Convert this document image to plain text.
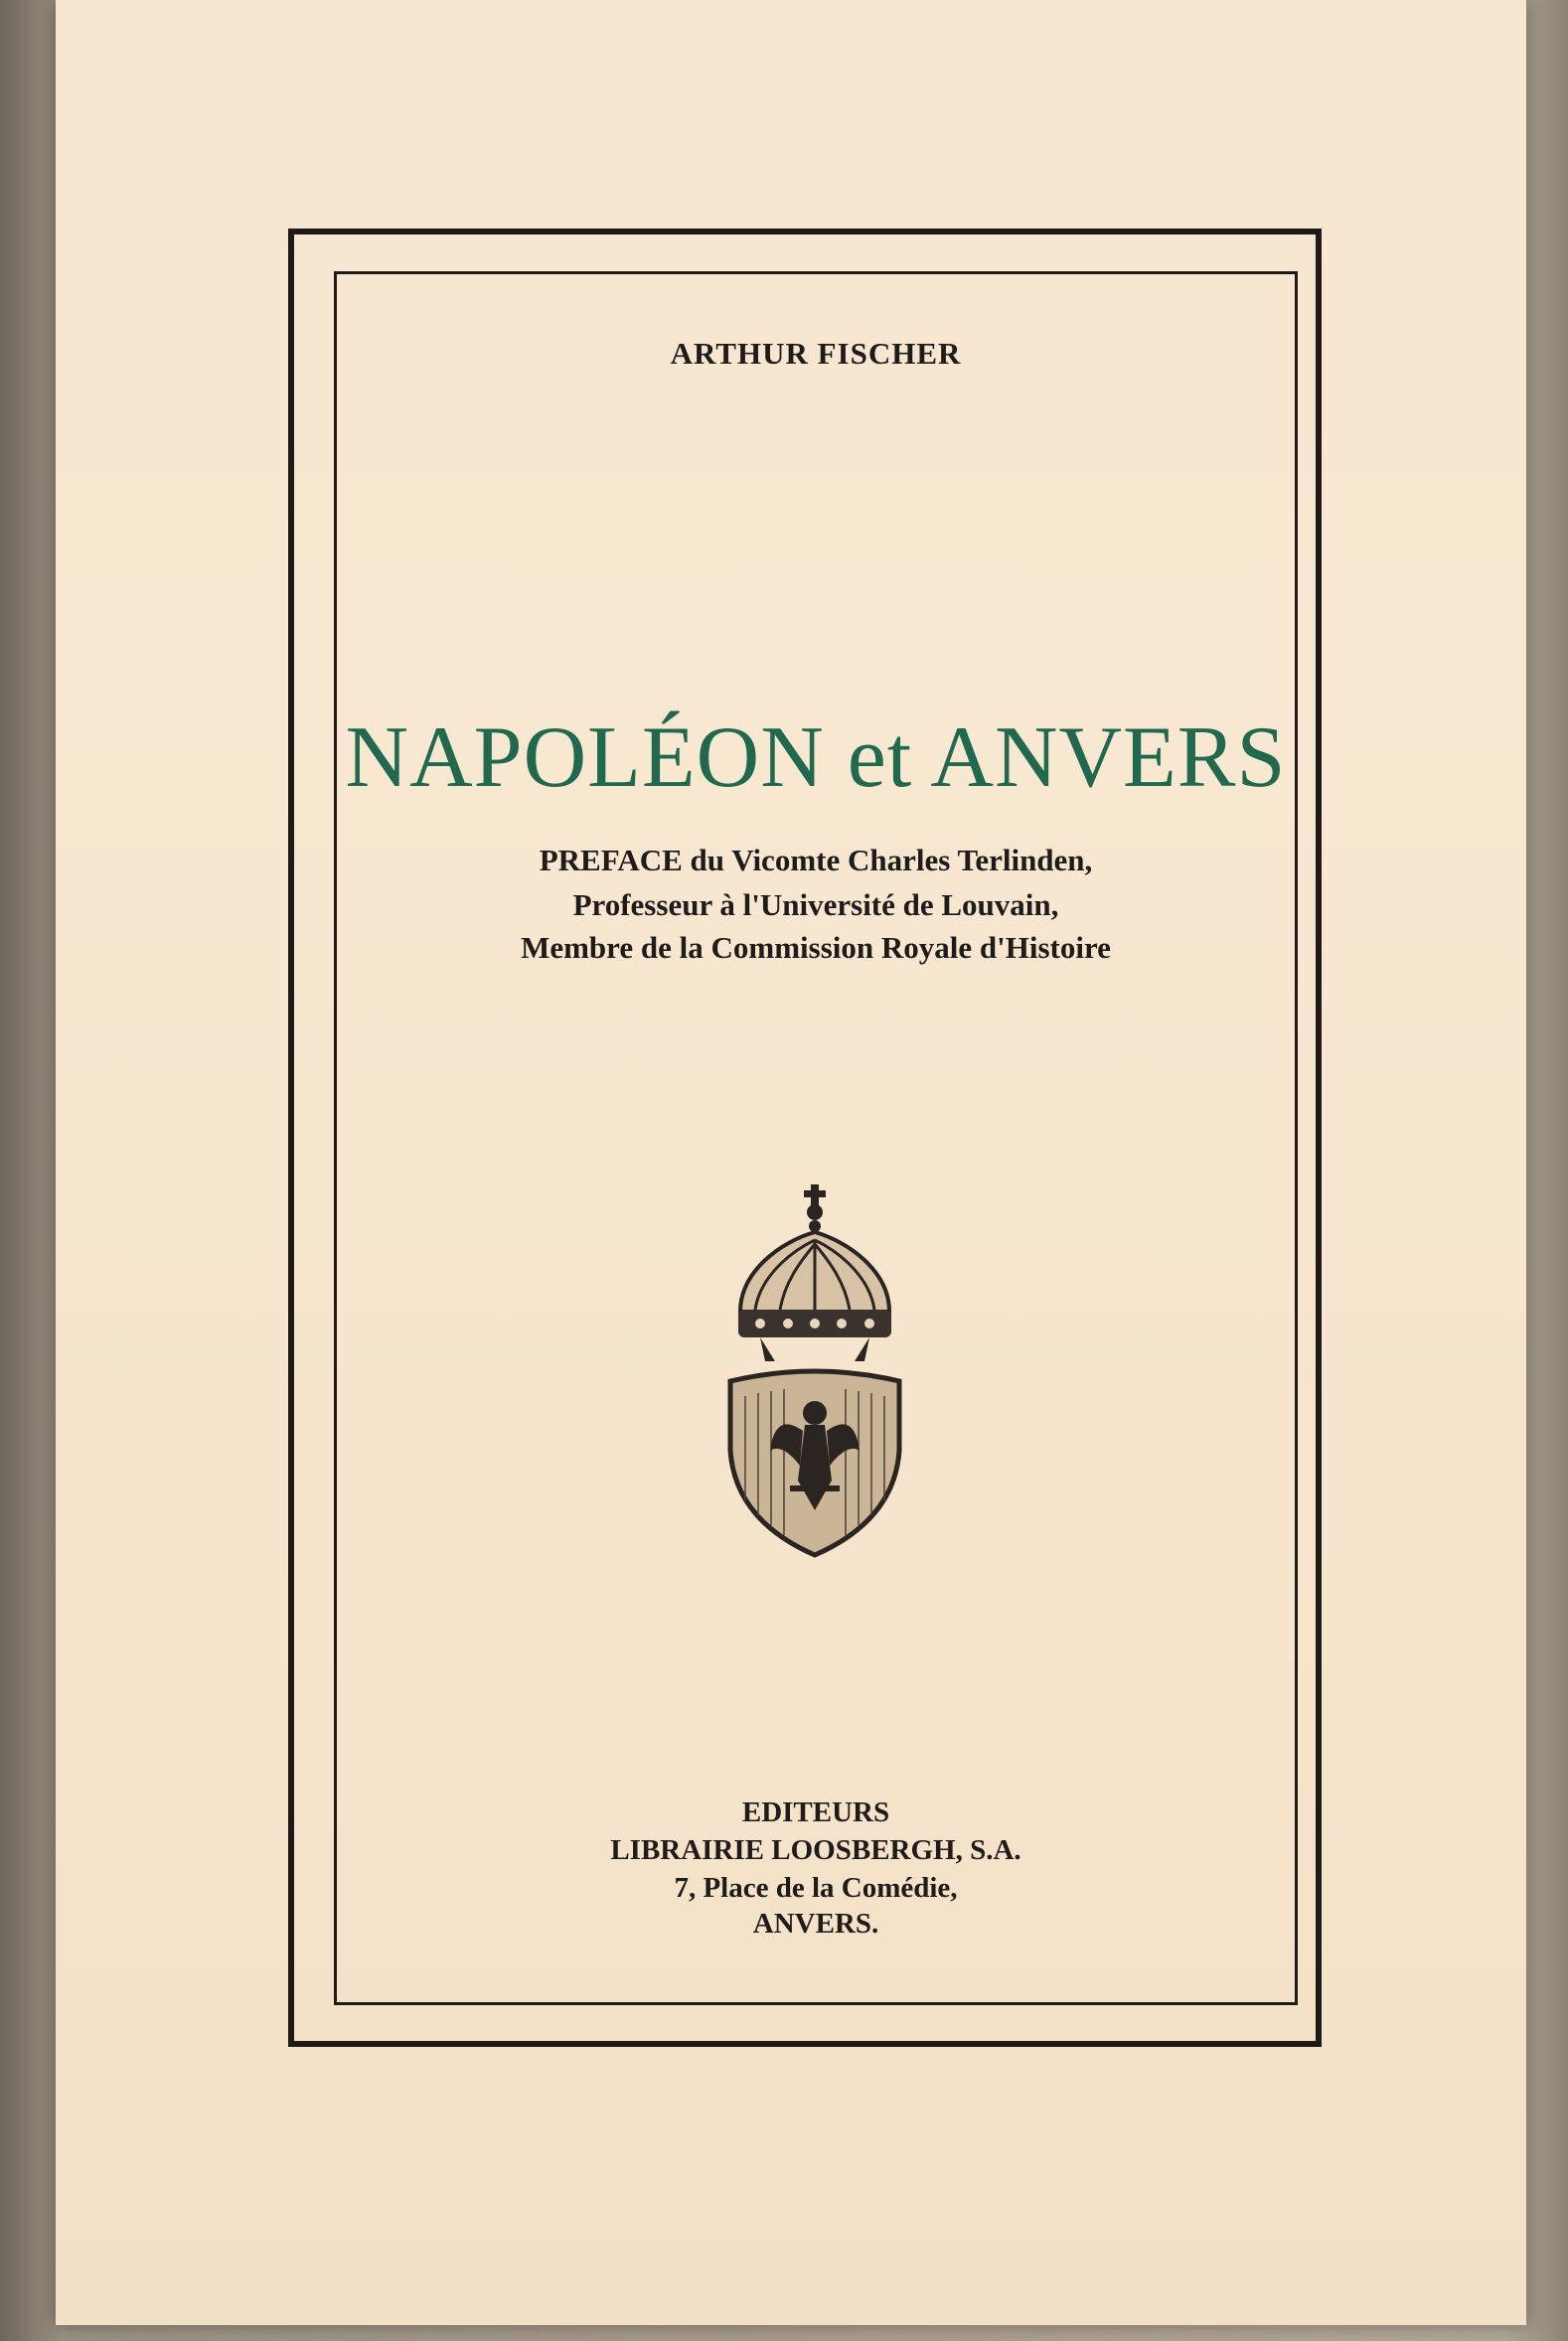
ARTHUR FISCHER
NAPOLÉON et ANVERS
PREFACE du Vicomte Charles Terlinden,
Professeur à l'Université de Louvain,
Membre de la Commission Royale d'Histoire
EDITEURS
LIBRAIRIE LOOSBERGH, S.A.
7, Place de la Comédie,
ANVERS.
